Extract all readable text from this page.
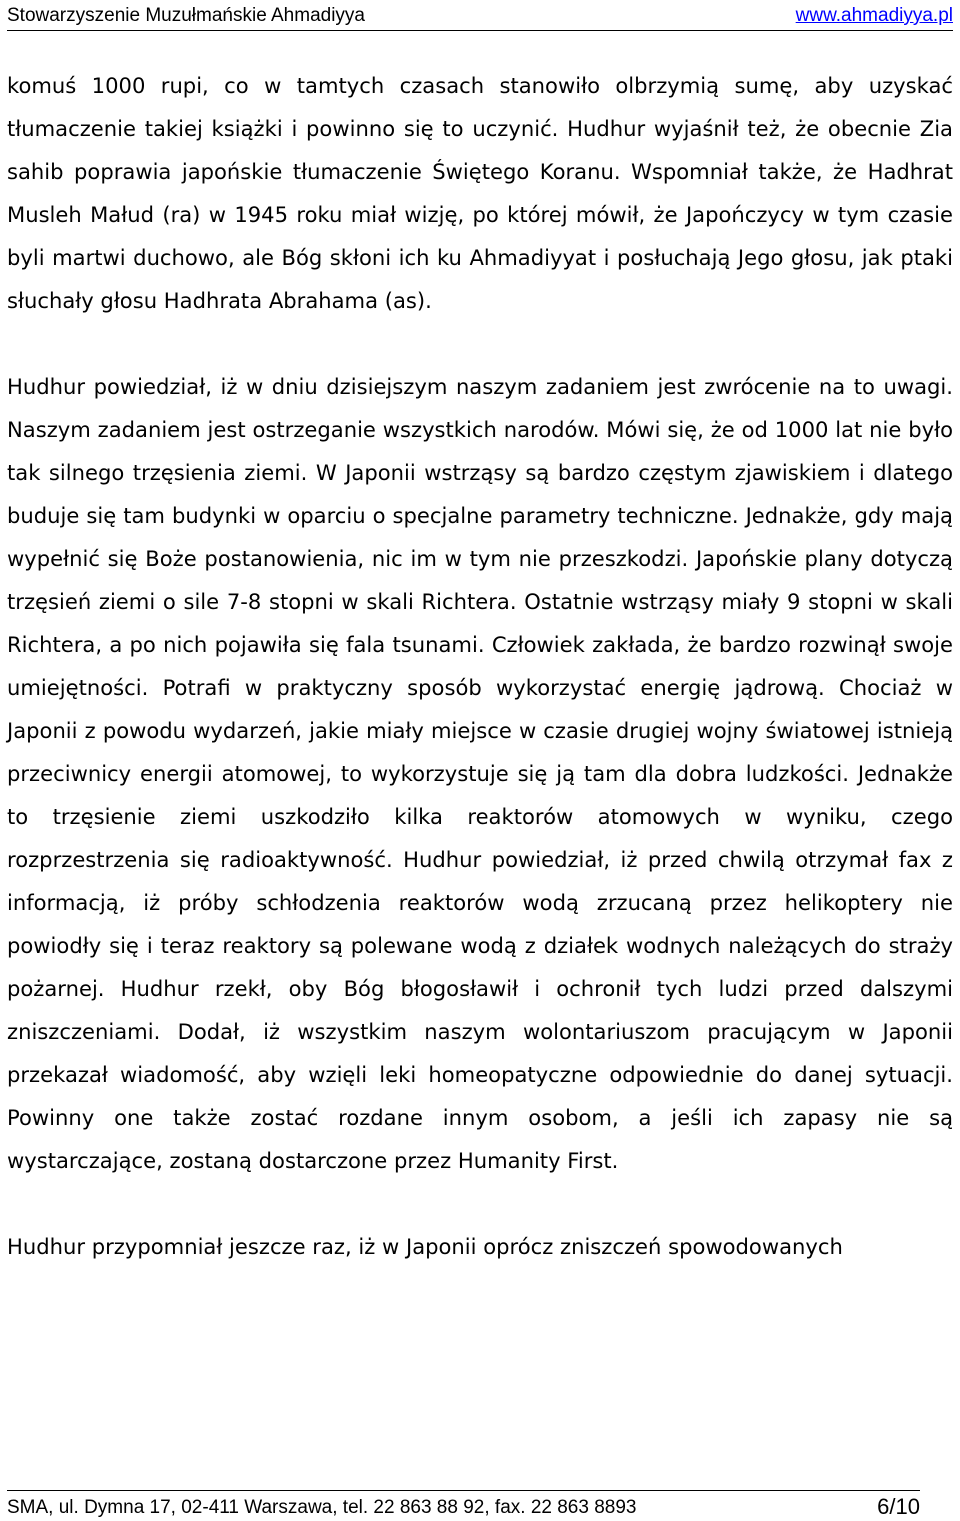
Stowarzyszenie Muzułmańskie Ahmadiyya	www.ahmadiyya.pl

komuś 1000 rupi, co w tamtych czasach stanowiło olbrzymią sumę, aby uzyskać tłumaczenie takiej książki i powinno się to uczynić. Hudhur wyjaśnił też, że obecnie Zia sahib poprawia japońskie tłumaczenie Świętego Koranu. Wspomniał także, że Hadhrat Musleh Małud (ra) w 1945 roku miał wizję, po której mówił, że Japończycy w tym czasie byli martwi duchowo, ale Bóg skłoni ich ku Ahmadiyyat i posłuchają Jego głosu, jak ptaki słuchały głosu Hadhrata Abrahama (as).

Hudhur powiedział, iż w dniu dzisiejszym naszym zadaniem jest zwrócenie na to uwagi. Naszym zadaniem jest ostrzeganie wszystkich narodów. Mówi się, że od 1000 lat nie było tak silnego trzęsienia ziemi. W Japonii wstrząsy są bardzo częstym zjawiskiem i dlatego buduje się tam budynki w oparciu o specjalne parametry techniczne. Jednakże, gdy mają wypełnić się Boże postanowienia, nic im w tym nie przeszkodzi. Japońskie plany dotyczą trzęsień ziemi o sile 7-8 stopni w skali Richtera. Ostatnie wstrząsy miały 9 stopni w skali Richtera, a po nich pojawiła się fala tsunami. Człowiek zakłada, że bardzo rozwinął swoje umiejętności. Potrafi w praktyczny sposób wykorzystać energię jądrową. Chociaż w Japonii z powodu wydarzeń, jakie miały miejsce w czasie drugiej wojny światowej istnieją przeciwnicy energii atomowej, to wykorzystuje się ją tam dla dobra ludzkości. Jednakże to trzęsienie ziemi uszkodziło kilka reaktorów atomowych w wyniku, czego rozprzestrzenia się radioaktywność. Hudhur powiedział, iż przed chwilą otrzymał fax z informacją, iż próby schłodzenia reaktorów wodą zrzucaną przez helikoptery nie powiodły się i teraz reaktory są polewane wodą z działek wodnych należących do straży pożarnej. Hudhur rzekł, oby Bóg błogosławił i ochronił tych ludzi przed dalszymi zniszczeniami. Dodał, iż wszystkim naszym wolontariuszom pracującym w Japonii przekazał wiadomość, aby wzięli leki homeopatyczne odpowiednie do danej sytuacji. Powinny one także zostać rozdane innym osobom, a jeśli ich zapasy nie są wystarczające, zostaną dostarczone przez Humanity First.

Hudhur przypomniał jeszcze raz, iż w Japonii oprócz zniszczeń spowodowanych

SMA, ul. Dymna 17, 02-411 Warszawa, tel. 22 863 88 92, fax. 22 863 8893	6/10
